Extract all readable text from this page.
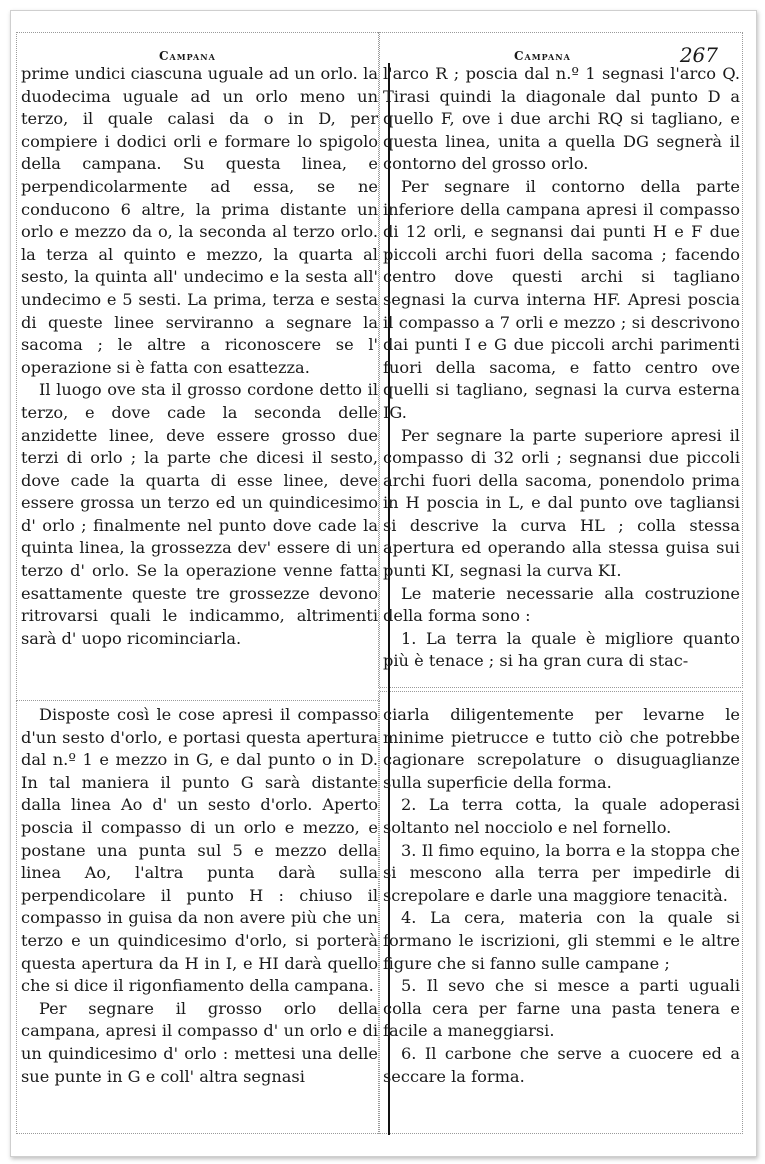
Campana	Campana	267

prime undici ciascuna uguale ad un orlo. la duodecima uguale ad un orlo meno un terzo, il quale calasi da o in D, per compiere i dodici orli e formare lo spigolo della campana. Su questa linea, e perpendicolarmente ad essa, se ne conducono 6 altre, la prima distante un orlo e mezzo da o, la seconda al terzo orlo. la terza al quinto e mezzo, la quarta al sesto, la quinta all' undecimo e la sesta all' undecimo e 5 sesti. La prima, terza e sesta di queste linee serviranno a segnare la sacoma ; le altre a riconoscere se l' operazione si è fatta con esattezza.

Il luogo ove sta il grosso cordone detto il terzo, e dove cade la seconda delle anzidette linee, deve essere grosso due terzi di orlo ; la parte che dicesi il sesto, dove cade la quarta di esse linee, deve essere grossa un terzo ed un quindicesimo d' orlo ; finalmente nel punto dove cade la quinta linea, la grossezza dev' essere di un terzo d' orlo. Se la operazione venne fatta esattamente queste tre grossezze devono ritrovarsi quali le indicammo, altrimenti sarà d' uopo ricominciarla.

Disposte così le cose apresi il compasso d'un sesto d'orlo, e portasi questa apertura dal n.º 1 e mezzo in G, e dal punto o in D. In tal maniera il punto G sarà distante dalla linea Ao d' un sesto d'orlo. Aperto poscia il compasso di un orlo e mezzo, e postane una punta sul 5 e mezzo della linea Ao, l'altra punta darà sulla perpendicolare il punto H : chiuso il compasso in guisa da non avere più che un terzo e un quindicesimo d'orlo, si porterà questa apertura da H in I, e HI darà quello che si dice il rigonfiamento della campana.

Per segnare il grosso orlo della campana, apresi il compasso d' un orlo e di un quindicesimo d' orlo : mettesi una delle sue punte in G e coll' altra segnasi

l'arco R ; poscia dal n.º 1 segnasi l'arco Q. Tirasi quindi la diagonale dal punto D a quello F, ove i due archi RQ si tagliano, e questa linea, unita a quella DG segnerà il contorno del grosso orlo.

Per segnare il contorno della parte inferiore della campana apresi il compasso di 12 orli, e segnansi dai punti H e F due piccoli archi fuori della sacoma ; facendo centro dove questi archi si tagliano segnasi la curva interna HF. Apresi poscia il compasso a 7 orli e mezzo ; si descrivono dai punti I e G due piccoli archi parimenti fuori della sacoma, e fatto centro ove quelli si tagliano, segnasi la curva esterna IG.

Per segnare la parte superiore apresi il compasso di 32 orli ; segnansi due piccoli archi fuori della sacoma, ponendolo prima in H poscia in L, e dal punto ove tagliansi si descrive la curva HL ; colla stessa apertura ed operando alla stessa guisa sui punti KI, segnasi la curva KI.

Le materie necessarie alla costruzione della forma sono :

1. La terra la quale è migliore quanto più è tenace ; si ha gran cura di stac-

ciarla diligentemente per levarne le minime pietrucce e tutto ciò che potrebbe cagionare screpolature o disuguaglianze sulla superficie della forma.

2. La terra cotta, la quale adoperasi soltanto nel nocciolo e nel fornello.

3. Il fimo equino, la borra e la stoppa che si mescono alla terra per impedirle di screpolare e darle una maggiore tenacità.

4. La cera, materia con la quale si formano le iscrizioni, gli stemmi e le altre figure che si fanno sulle campane ;

5. Il sevo che si mesce a parti uguali colla cera per farne una pasta tenera e facile a maneggiarsi.

6. Il carbone che serve a cuocere ed a seccare la forma.
